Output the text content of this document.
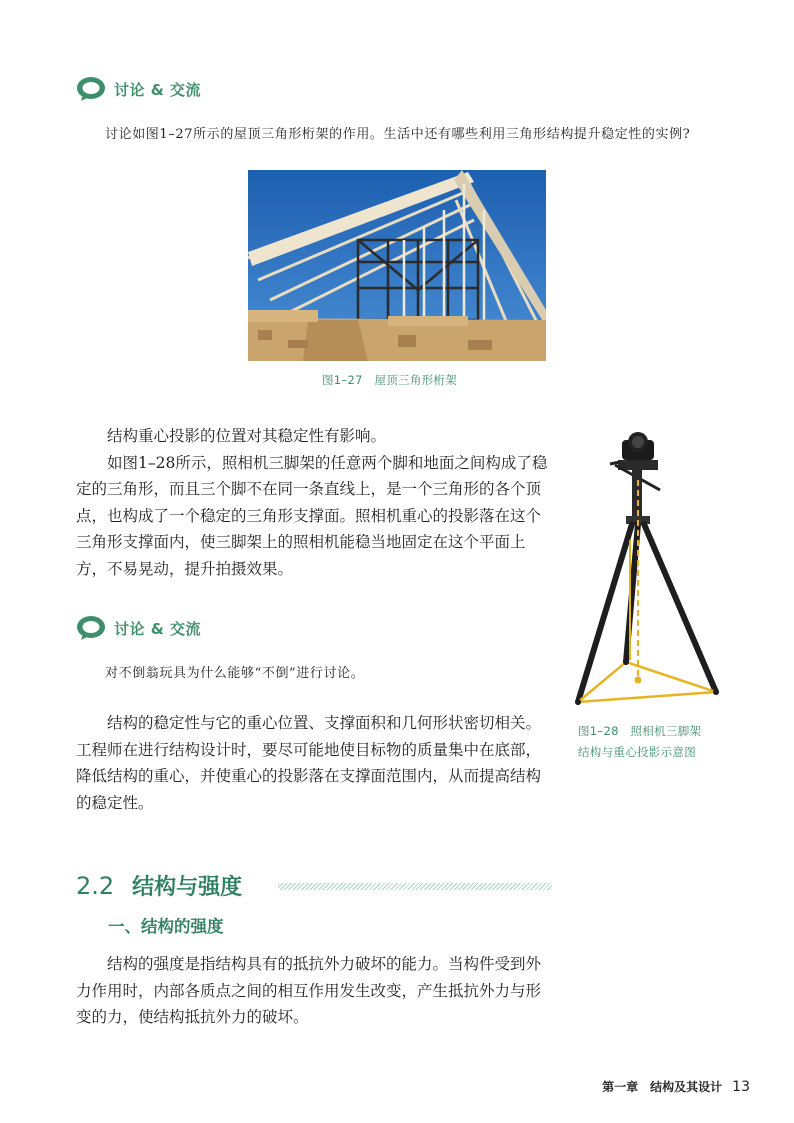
讨论 & 交流
讨论如图1–27所示的屋顶三角形桁架的作用。生活中还有哪些利用三角形结构提升稳定性的实例?
图1–27　屋顶三角形桁架

结构重心投影的位置对其稳定性有影响。

如图1–28所示，照相机三脚架的任意两个脚和地面之间构成了稳定的三角形，而且三个脚不在同一条直线上，是一个三角形的各个顶点，也构成了一个稳定的三角形支撑面。照相机重心的投影落在这个三角形支撑面内，使三脚架上的照相机能稳当地固定在这个平面上方，不易晃动，提升拍摄效果。

讨论 & 交流
对不倒翁玩具为什么能够“不倒”进行讨论。

结构的稳定性与它的重心位置、支撑面积和几何形状密切相关。工程师在进行结构设计时，要尽可能地使目标物的质量集中在底部，降低结构的重心，并使重心的投影落在支撑面范围内，从而提高结构的稳定性。

图1–28　照相机三脚架
结构与重心投影示意图
2.2 结构与强度
一、结构的强度

结构的强度是指结构具有的抵抗外力破坏的能力。当构件受到外力作用时，内部各质点之间的相互作用发生改变，产生抵抗外力与形变的力，使结构抵抗外力的破坏。

第一章　结构及其设计 13
